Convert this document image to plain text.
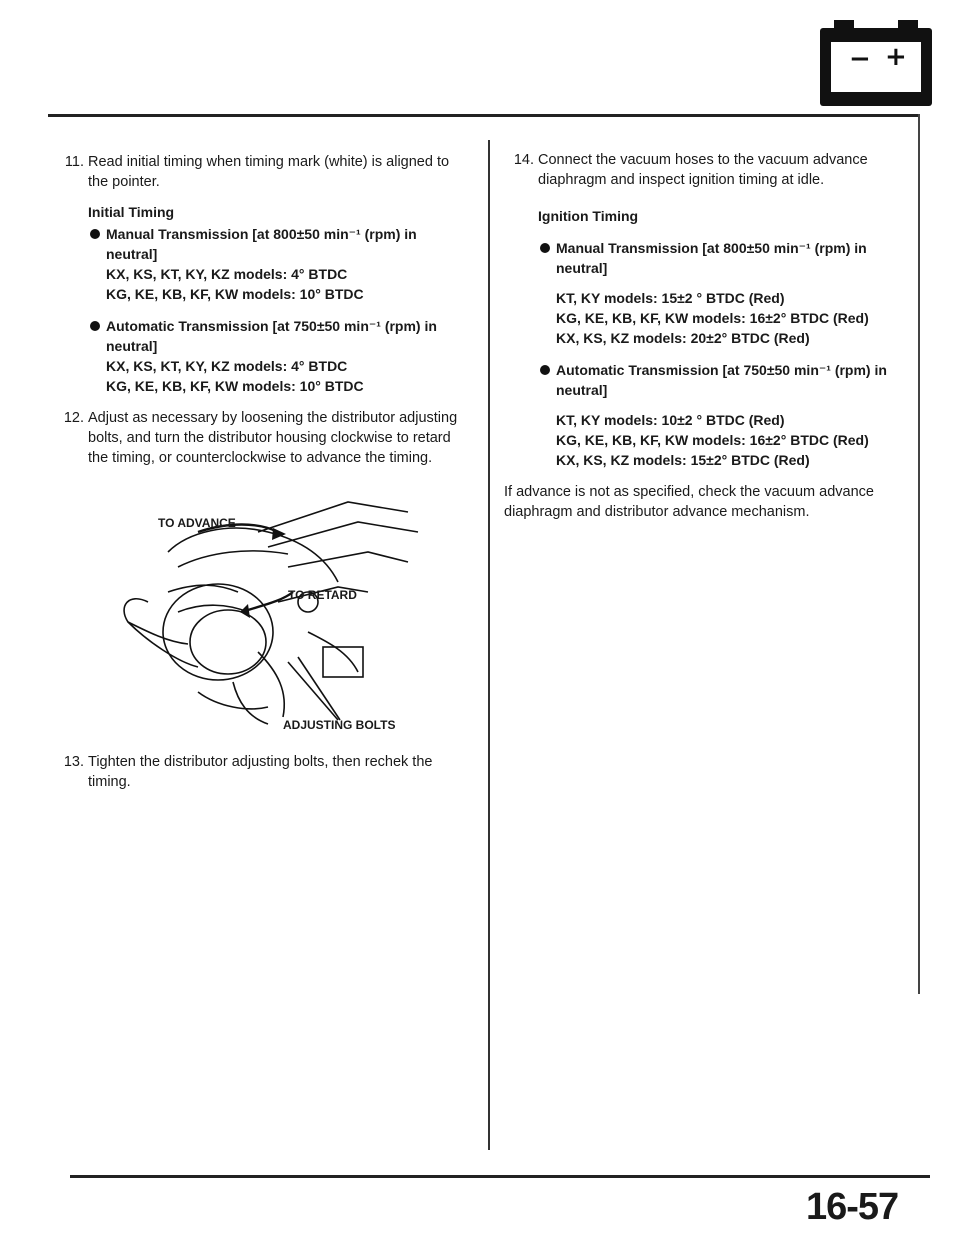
− +
11. Read initial timing when timing mark (white) is aligned to the pointer.

Initial Timing

Manual Transmission [at 800±50 min⁻¹ (rpm) in neutral]
KX, KS, KT, KY, KZ models: 4° BTDC
KG, KE, KB, KF, KW models: 10° BTDC
Automatic Transmission [at 750±50 min⁻¹ (rpm) in neutral]
KX, KS, KT, KY, KZ models: 4° BTDC
KG, KE, KB, KF, KW models: 10° BTDC
12. Adjust as necessary by loosening the distributor adjusting bolts, and turn the distributor housing clockwise to retard the timing, or counterclockwise to advance the timing.

TO ADVANCE
TO RETARD
ADJUSTING BOLTS
13. Tighten the distributor adjusting bolts, then rechek the timing.

14. Connect the vacuum hoses to the vacuum advance diaphragm and inspect ignition timing at idle.

Ignition Timing

Manual Transmission [at 800±50 min⁻¹ (rpm) in neutral]
KT, KY models: 15±2 ° BTDC (Red)
KG, KE, KB, KF, KW models: 16±2° BTDC (Red)
KX, KS, KZ models: 20±2° BTDC (Red)
Automatic Transmission [at 750±50 min⁻¹ (rpm) in neutral]
KT, KY models: 10±2 ° BTDC (Red)
KG, KE, KB, KF, KW models: 16±2° BTDC (Red)
KX, KS, KZ models: 15±2° BTDC (Red)

If advance is not as specified, check the vacuum advance diaphragm and distributor advance mechanism.

16-57
